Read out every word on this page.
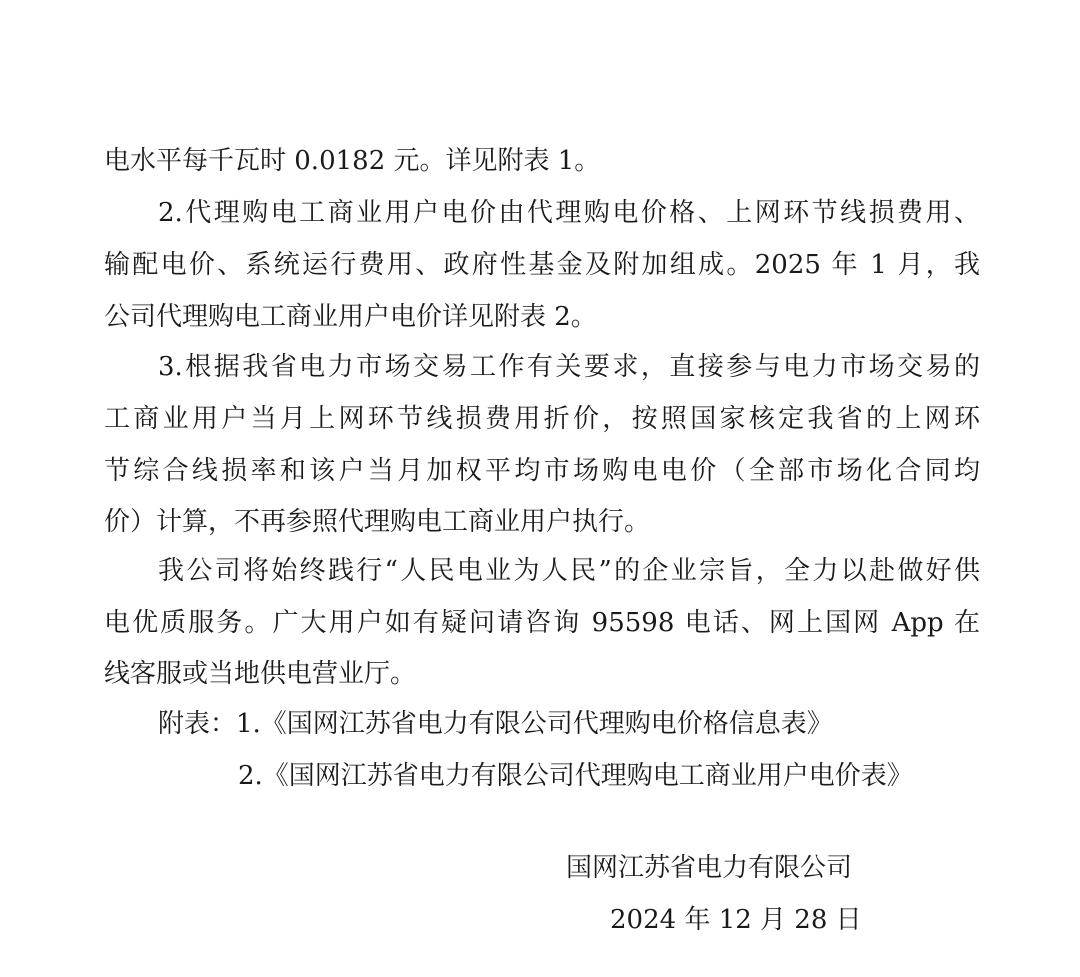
电水平每千瓦时 0.0182 元。详见附表 1。
2.代理购电工商业用户电价由代理购电价格、上网环节线损费用、
输配电价、系统运行费用、政府性基金及附加组成。2025 年 1 月，我
公司代理购电工商业用户电价详见附表 2。
3.根据我省电力市场交易工作有关要求，直接参与电力市场交易的
工商业用户当月上网环节线损费用折价，按照国家核定我省的上网环
节综合线损率和该户当月加权平均市场购电电价（全部市场化合同均
价）计算，不再参照代理购电工商业用户执行。
我公司将始终践行“人民电业为人民”的企业宗旨，全力以赴做好供
电优质服务。广大用户如有疑问请咨询 95598 电话、网上国网 App 在
线客服或当地供电营业厅。
附表：1.《国网江苏省电力有限公司代理购电价格信息表》
2.《国网江苏省电力有限公司代理购电工商业用户电价表》
国网江苏省电力有限公司
2024 年 12 月 28 日
